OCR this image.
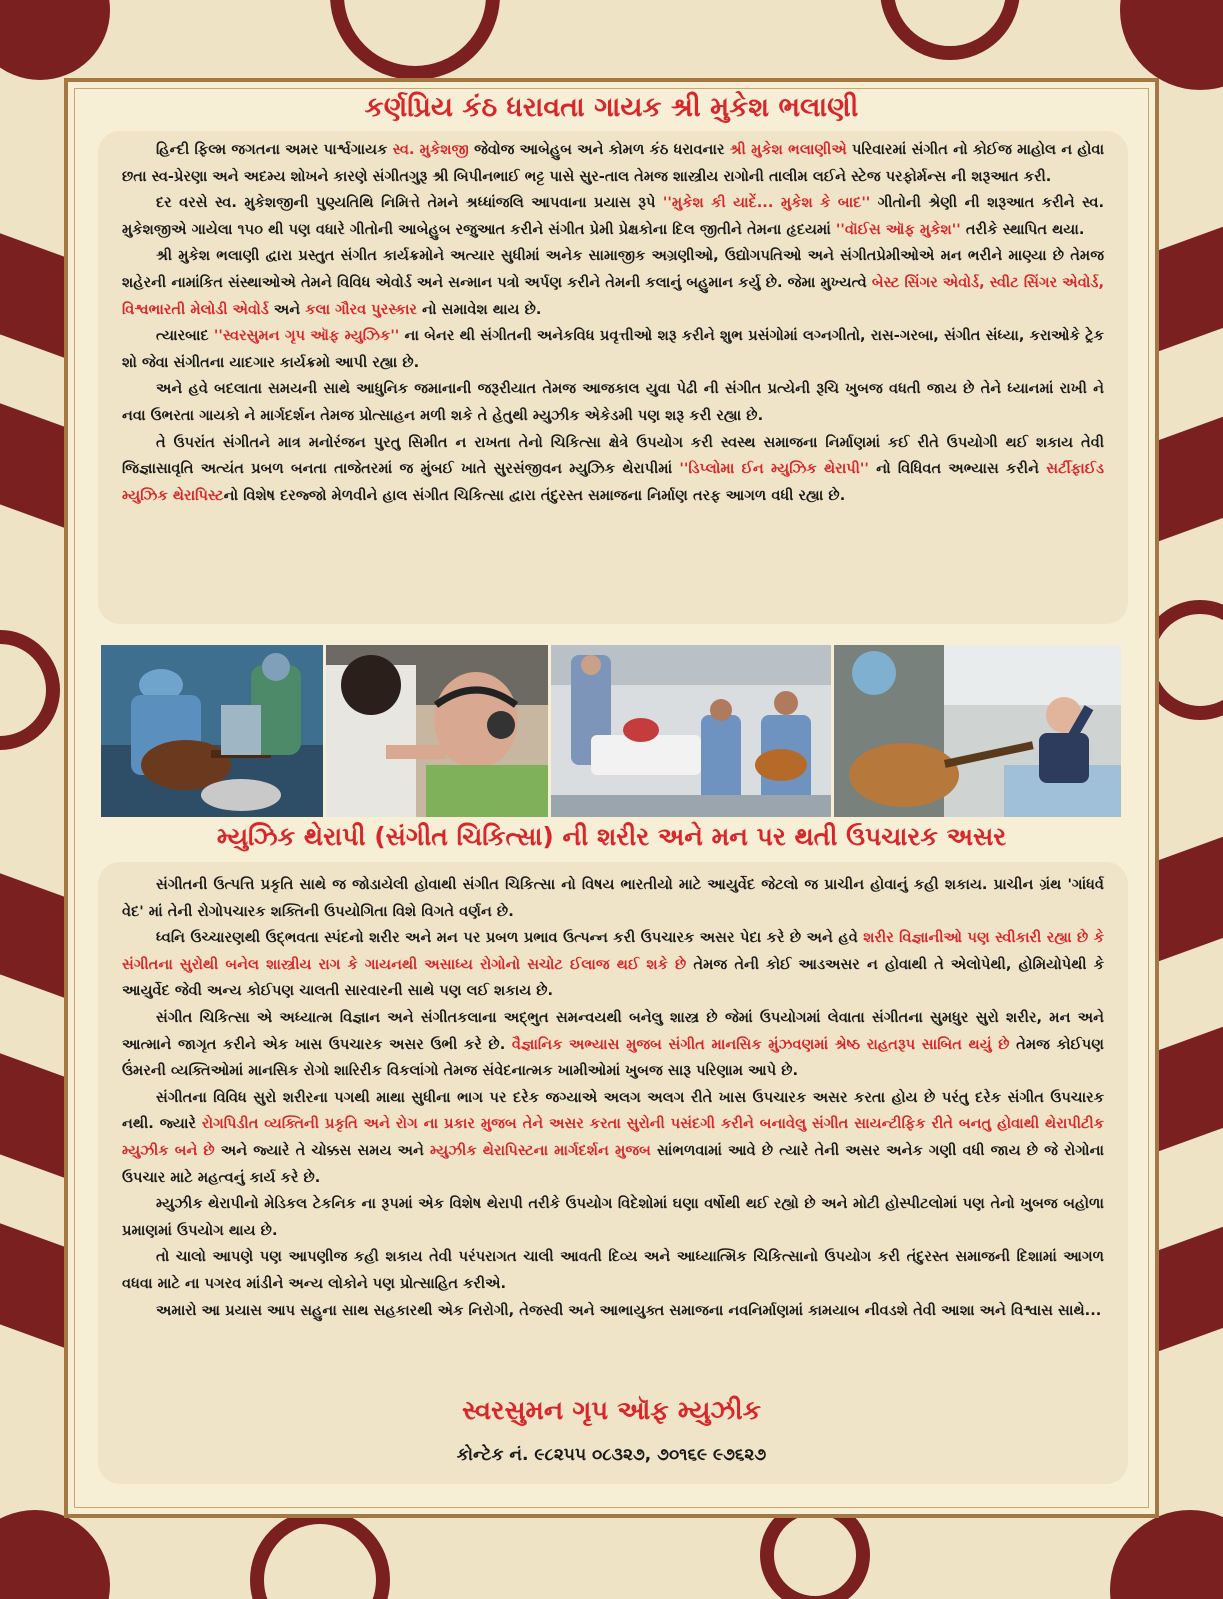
કર્ણપ્રિય કંઠ ધરાવતા ગાયક શ્રી મુકેશ ભલાણી

હિન્દી ફિલ્મ જગતના અમર પાર્શ્વગાયક સ્વ. મુકેશજી જેવોજ આબેહુબ અને કોમળ કંઠ ધરાવનાર શ્રી મુકેશ ભલાણીએ પરિવારમાં સંગીત નો કોઈજ માહોલ ન હોવા છતા સ્વ-પ્રેરણા અને અદમ્ય શોખને કારણે સંગીતગુરૂ શ્રી બિપીનભાઈ ભટ્ટ પાસે સુર-તાલ તેમજ શાસ્ત્રીય રાગોની તાલીમ લઈને સ્ટેજ પરફોર્મન્સ ની શરૂઆત કરી.

દર વરસે સ્વ. મુકેશજીની પુણ્યતિથિ નિમિત્તે તેમને શ્રધ્ધાંજલિ આપવાના પ્રયાસ રૂપે ''મુકેશ કી યાદેં... મુકેશ કે બાદ'' ગીતોની શ્રેણી ની શરૂઆત કરીને સ્વ. મુકેશજીએ ગાયેલા ૧૫૦ થી પણ વધારે ગીતોની આબેહુબ રજુઆત કરીને સંગીત પ્રેમી પ્રેક્ષકોના દિલ જીતીને તેમના હૃદયમાં ''વૉઈસ ઑફ મુકેશ'' તરીકે સ્થાપિત થયા.

શ્રી મુકેશ ભલાણી દ્વારા પ્રસ્તુત સંગીત કાર્યક્રમોને અત્યાર સુધીમાં અનેક સામાજીક અગ્રણીઓ, ઉદ્યોગપતિઓ અને સંગીતપ્રેમીઓએ મન ભરીને માણ્યા છે તેમજ શહેરની નામાંકિત સંસ્થાઓએ તેમને વિવિધ એવોર્ડ અને સન્માન પત્રો અર્પણ કરીને તેમની કલાનું બહુમાન કર્યુ છે. જેમા મુખ્યત્વે બેસ્ટ સિંગર એવોર્ડ, સ્વીટ સિંગર એવોર્ડ, વિશ્વભારતી મેલોડી એવોર્ડ અને કલા ગૌરવ પુરસ્કાર નો સમાવેશ થાય છે.

ત્યારબાદ ''સ્વરસુમન ગૃપ ઑફ મ્યુઝિક'' ના બેનર થી સંગીતની અનેકવિધ પ્રવૃત્તીઓ શરૂ કરીને શુભ પ્રસંગોમાં લગ્નગીતો, રાસ-ગરબા, સંગીત સંધ્યા, કરાઓકે ટ્રેક શો જેવા સંગીતના યાદગાર કાર્યક્રમો આપી રહ્યા છે.

અને હવે બદલાતા સમયની સાથે આધુનિક જમાનાની જરૂરીયાત તેમજ આજકાલ યુવા પેઢી ની સંગીત પ્રત્યેની રૂચિ ખુબજ વધતી જાય છે તેને ધ્યાનમાં રાખી ને નવા ઉભરતા ગાયકો ને માર્ગદર્શન તેમજ પ્રોત્સાહન મળી શકે તે હેતુથી મ્યુઝીક એકેડમી પણ શરૂ કરી રહ્યા છે.

તે ઉપરાંત સંગીતને માત્ર મનોરંજન પુરતુ સિમીત ન રાખતા તેનો ચિકિત્સા ક્ષેત્રે ઉપયોગ કરી સ્વસ્થ સમાજના નિર્માણમાં કઈ રીતે ઉપયોગી થઈ શકાય તેવી જિજ્ઞાસાવૃતિ અત્યંત પ્રબળ બનતા તાજેતરમાં જ મુંબઈ ખાતે સુરસંજીવન મ્યુઝિક થેરાપીમાં ''ડિપ્લોમા ઈન મ્યુઝિક થેરાપી'' નો વિધિવત અભ્યાસ કરીને સર્ટીફાઈડ મ્યુઝિક થેરાપિસ્ટનો વિશેષ દરજ્જો મેળવીને હાલ સંગીત ચિકિત્સા દ્વારા તંદુરસ્ત સમાજના નિર્માણ તરફ આગળ વધી રહ્યા છે.

મ્યુઝિક થેરાપી (સંગીત ચિકિત્સા) ની શરીર અને મન પર થતી ઉપચારક અસર

સંગીતની ઉત્પત્તિ પ્રકૃતિ સાથે જ જોડાયેલી હોવાથી સંગીત ચિકિત્સા નો વિષય ભારતીયો માટે આયુર્વેદ જેટલો જ પ્રાચીન હોવાનું કહી શકાય. પ્રાચીન ગ્રંથ 'ગાંધર્વ વેદ' માં તેની રોગોપચારક શક્તિની ઉપયોગિતા વિશે વિગતે વર્ણન છે.

ધ્વનિ ઉચ્ચારણથી ઉદ્ભવતા સ્પંદનો શરીર અને મન પર પ્રબળ પ્રભાવ ઉત્પન્ન કરી ઉપચારક અસર પેદા કરે છે અને હવે શરીર વિજ્ઞાનીઓ પણ સ્વીકારી રહ્યા છે કે સંગીતના સુરોથી બનેલ શાસ્ત્રીય રાગ કે ગાયનથી અસાધ્ય રોગોનો સચોટ ઈલાજ થઈ શકે છે તેમજ તેની કોઈ આડઅસર ન હોવાથી તે એલોપેથી, હોમિયોપેથી કે આયુર્વેદ જેવી અન્ય કોઈપણ ચાલતી સારવારની સાથે પણ લઈ શકાય છે.

સંગીત ચિકિત્સા એ અધ્યાત્મ વિજ્ઞાન અને સંગીતકલાના અદ્ભુત સમન્વયથી બનેલુ શાસ્ત્ર છે જેમાં ઉપયોગમાં લેવાતા સંગીતના સુમધુર સુરો શરીર, મન અને આત્માને જાગૃત કરીને એક ખાસ ઉપચારક અસર ઉભી કરે છે. વૈજ્ઞાનિક અભ્યાસ મુજબ સંગીત માનસિક મુંઝવણમાં શ્રેષ્ઠ રાહતરૂપ સાબિત થયું છે તેમજ કોઈપણ ઉંમરની વ્યક્તિઓમાં માનસિક રોગો શારિરીક વિકલાંગો તેમજ સંવેદનાત્મક ખામીઓમાં ખુબજ સારૂ પરિણામ આપે છે.

સંગીતના વિવિધ સુરો શરીરના પગથી માથા સુધીના ભાગ પર દરેક જગ્યાએ અલગ અલગ રીતે ખાસ ઉપચારક અસર કરતા હોય છે પરંતુ દરેક સંગીત ઉપચારક નથી. જ્યારે રોગપિડીત વ્યક્તિની પ્રકૃતિ અને રોગ ના પ્રકાર મુજબ તેને અસર કરતા સુરોની પસંદગી કરીને બનાવેલુ સંગીત સાયન્ટીફિક રીતે બનતુ હોવાથી થેરાપીટીક મ્યુઝીક બને છે અને જ્યારે તે ચોક્કસ સમય અને મ્યુઝીક થેરાપિસ્ટના માર્ગદર્શન મુજબ સાંભળવામાં આવે છે ત્યારે તેની અસર અનેક ગણી વધી જાય છે જે રોગોના ઉપચાર માટે મહત્વનું કાર્ય કરે છે.

મ્યુઝીક થેરાપીનો મેડિકલ ટેકનિક ના રૂપમાં એક વિશેષ થેરાપી તરીકે ઉપયોગ વિદેશોમાં ઘણા વર્ષોથી થઈ રહ્યો છે અને મોટી હોસ્પીટલોમાં પણ તેનો ખુબજ બહોળા પ્રમાણમાં ઉપયોગ થાય છે.

તો ચાલો આપણે પણ આપણીજ કહી શકાય તેવી પરંપરાગત ચાલી આવતી દિવ્ય અને આધ્યાત્મિક ચિકિત્સાનો ઉપયોગ કરી તંદુરસ્ત સમાજની દિશામાં આગળ વધવા માટે ના પગરવ માંડીને અન્ય લોકોને પણ પ્રોત્સાહિત કરીએ.

અમારો આ પ્રયાસ આપ સહુના સાથ સહકારથી એક નિરોગી, તેજસ્વી અને આભાયુક્ત સમાજના નવનિર્માણમાં કામયાબ નીવડશે તેવી આશા અને વિશ્વાસ સાથે...

સ્વરસુમન ગૃપ ઑફ મ્યુઝીક
કોન્ટેક નં. ૯૮૨૫૫ ૦૮૩૨૭, ૭૦૧૬૯ ૯૭૬૨૭
